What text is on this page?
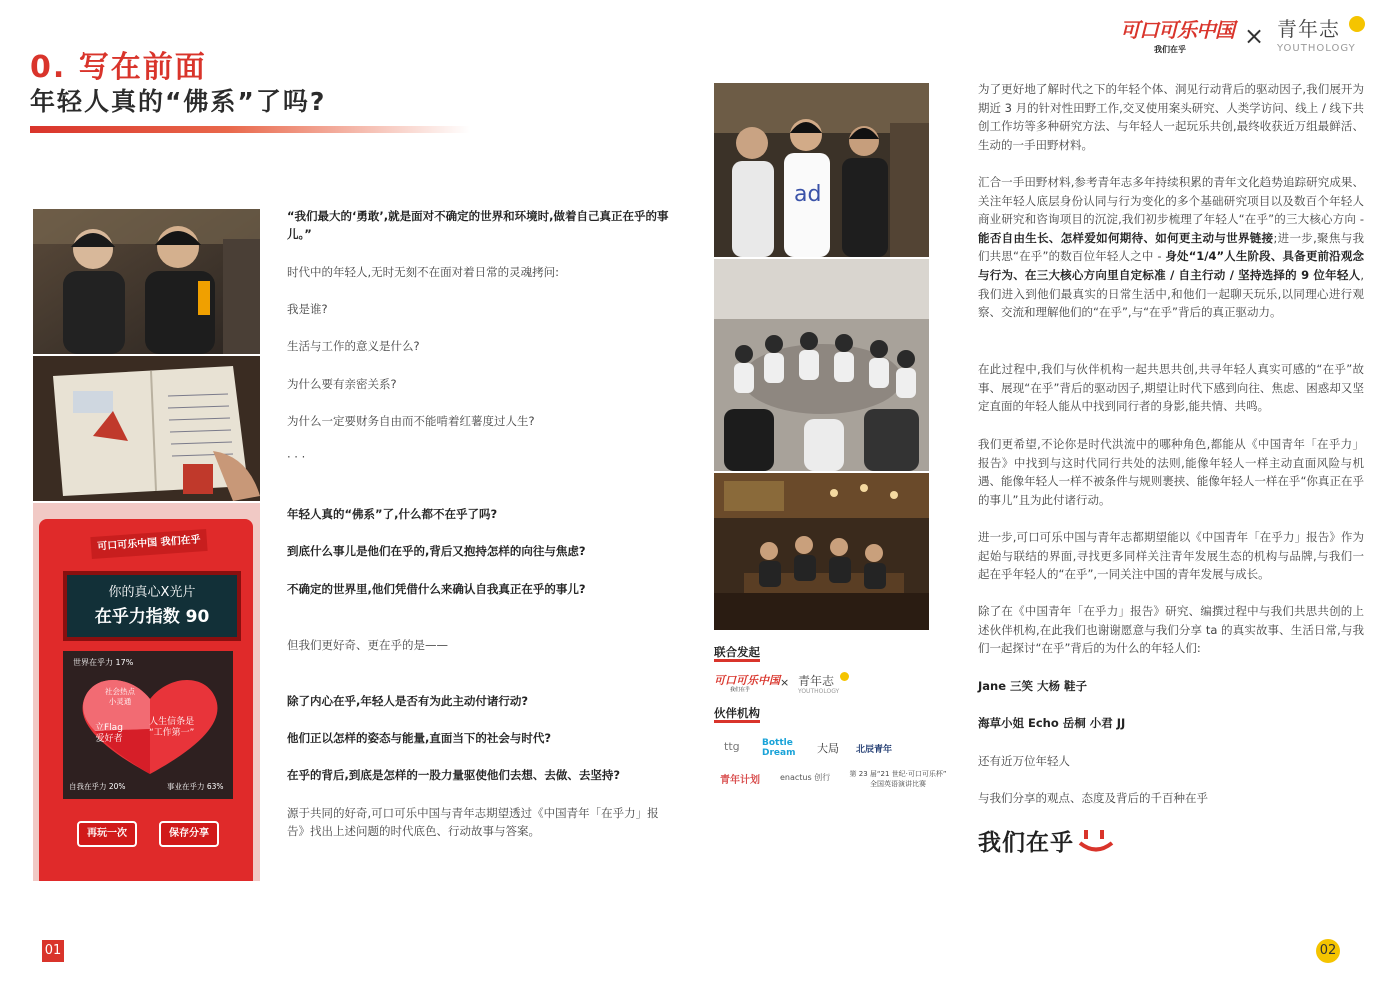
0. 写在前面
年轻人真的“佛系”了吗?
可口可乐中国
我们在乎 × 青年志
YOUTHOLOGY
可口可乐中国 我们在乎
你的真心X光片
在乎力指数 90
世界在乎力 17%
社会热点
小灵通
立Flag
爱好者
人生信条是
“工作第一”
自我在乎力 20%	事业在乎力 63%
再玩一次	保存分享

“我们最大的‘勇敢’,就是面对不确定的世界和环境时,做着自己真正在乎的事儿。”

时代中的年轻人,无时无刻不在面对着日常的灵魂拷问:

我是谁?

生活与工作的意义是什么?

为什么要有亲密关系?

为什么一定要财务自由而不能啃着红薯度过人生?

· · ·

年轻人真的“佛系”了,什么都不在乎了吗?

到底什么事儿是他们在乎的,背后又抱持怎样的向往与焦虑?

不确定的世界里,他们凭借什么来确认自我真正在乎的事儿?

但我们更好奇、更在乎的是——

除了内心在乎,年轻人是否有为此主动付诸行动?

他们正以怎样的姿态与能量,直面当下的社会与时代?

在乎的背后,到底是怎样的一股力量驱使他们去想、去做、去坚持?

源于共同的好奇,可口可乐中国与青年志期望透过《中国青年「在乎力」报告》找出上述问题的时代底色、行动故事与答案。

ad
联合发起
可口可乐中国
我们在乎
× 青年志
YOUTHOLOGY
伙伴机构
ttg Bottle Dream	大局 北辰青年
青年计划	enactus 创行	第 23 届“21 世纪·可口可乐杯”
全国英语演讲比赛
为了更好地了解时代之下的年轻个体、洞见行动背后的驱动因子,我们展开为期近 3 月的针对性田野工作,交叉使用案头研究、人类学访问、线上 / 线下共创工作坊等多种研究方法、与年轻人一起玩乐共创,最终收获近万组最鲜活、生动的一手田野材料。
汇合一手田野材料,参考青年志多年持续积累的青年文化趋势追踪研究成果、关注年轻人底层身份认同与行为变化的多个基础研究项目以及数百个年轻人商业研究和咨询项目的沉淀,我们初步梳理了年轻人“在乎”的三大核心方向 - 能否自由生长、怎样爱如何期待、如何更主动与世界链接;进一步,聚焦与我们共思“在乎”的数百位年轻人之中 - 身处“1/4”人生阶段、具备更前沿观念与行为、在三大核心方向里自定标准 / 自主行动 / 坚持选择的 9 位年轻人,我们进入到他们最真实的日常生活中,和他们一起聊天玩乐,以同理心进行观察、交流和理解他们的“在乎”,与“在乎”背后的真正驱动力。
在此过程中,我们与伙伴机构一起共思共创,共寻年轻人真实可感的“在乎”故事、展现“在乎”背后的驱动因子,期望让时代下感到向往、焦虑、困惑却又坚定直面的年轻人能从中找到同行者的身影,能共情、共鸣。
我们更希望,不论你是时代洪流中的哪种角色,都能从《中国青年「在乎力」报告》中找到与这时代同行共处的法则,能像年轻人一样主动直面风险与机遇、能像年轻人一样不被条件与规则裹挟、能像年轻人一样在乎“你真正在乎的事儿”且为此付诸行动。
进一步,可口可乐中国与青年志都期望能以《中国青年「在乎力」报告》作为起始与联结的界面,寻找更多同样关注青年发展生态的机构与品牌,与我们一起在乎年轻人的“在乎”,一同关注中国的青年发展与成长。
除了在《中国青年「在乎力」报告》研究、编撰过程中与我们共思共创的上述伙伴机构,在此我们也谢谢愿意与我们分享 ta 的真实故事、生活日常,与我们一起探讨“在乎”背后的为什么的年轻人们:
Jane 三笑 大杨 鞋子
海草小姐 Echo 岳桐 小君 JJ
还有近万位年轻人
与我们分享的观点、态度及背后的千百种在乎
我们在乎
01	02
